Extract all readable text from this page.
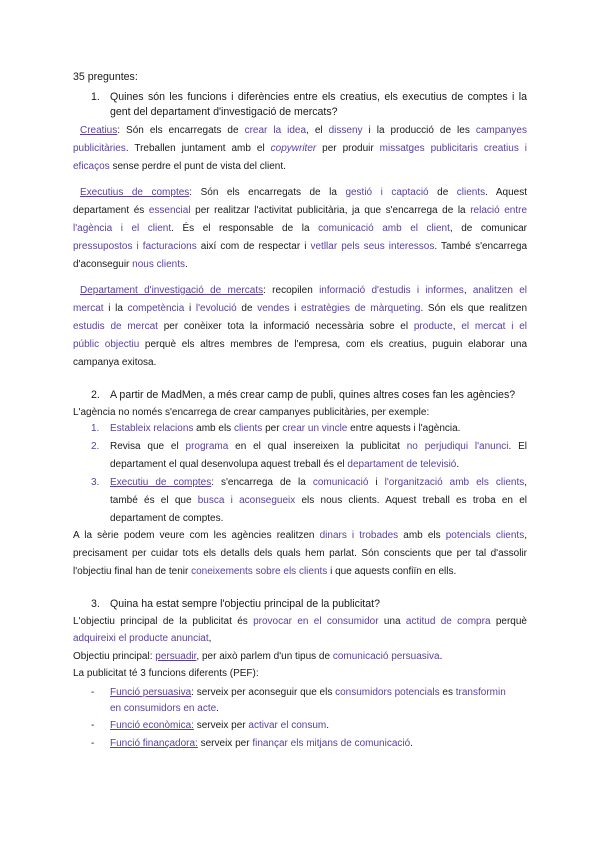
35 preguntes:
1. Quines són les funcions i diferències entre els creatius, els executius de comptes i la
gent del departament d'investigació de mercats?
Creatius: Són els encarregats de crear la idea, el disseny i la producció de les campanyes
publicitàries. Treballen juntament amb el copywriter per produir missatges publicitaris creatius i
eficaços sense perdre el punt de vista del client.
Executius de comptes: Són els encarregats de la gestió i captació de clients. Aquest
departament és essencial per realitzar l'activitat publicitària, ja que s'encarrega de la relació entre
l'agència i el client. És el responsable de la comunicació amb el client, de comunicar
pressupostos i facturacions així com de respectar i vetllar pels seus interessos. També s'encarrega
d'aconseguir nous clients.
Departament d'investigació de mercats: recopilen informació d'estudis i informes, analitzen el
mercat i la competència i l'evolució de vendes i estratègies de màrqueting. Són els que realitzen
estudis de mercat per conèixer tota la informació necessària sobre el producte, el mercat i el
públic objectiu perquè els altres membres de l'empresa, com els creatius, puguin elaborar una
campanya exitosa.
2. A partir de MadMen, a més crear camp de publi, quines altres coses fan les agències?
L'agència no només s'encarrega de crear campanyes publicitàries, per exemple:
1. Estableix relacions amb els clients per crear un vincle entre aquests i l'agència.
2. Revisa que el programa en el qual insereixen la publicitat no perjudiqui l'anunci. El
departament el qual desenvolupa aquest treball és el departament de televisió.
3. Executiu de comptes: s'encarrega de la comunicació i l'organització amb els clients,
també és el que busca i aconsegueix els nous clients. Aquest treball es troba en el
departament de comptes.
A la sèrie podem veure com les agències realitzen dinars i trobades amb els potencials clients,
precisament per cuidar tots els detalls dels quals hem parlat. Són conscients que per tal d'assolir
l'objectiu final han de tenir coneixements sobre els clients i que aquests confiïn en ells.
3. Quina ha estat sempre l'objectiu principal de la publicitat?
L'objectiu principal de la publicitat és provocar en el consumidor una actitud de compra perquè
adquireixi el producte anunciat,
Objectiu principal: persuadir, per això parlem d'un tipus de comunicació persuasiva.
La publicitat té 3 funcions diferents (PEF):
- Funció persuasiva: serveix per aconseguir que els consumidors potencials es transformin
en consumidors en acte.
- Funció econòmica: serveix per activar el consum.
- Funció finançadora: serveix per finançar els mitjans de comunicació.
